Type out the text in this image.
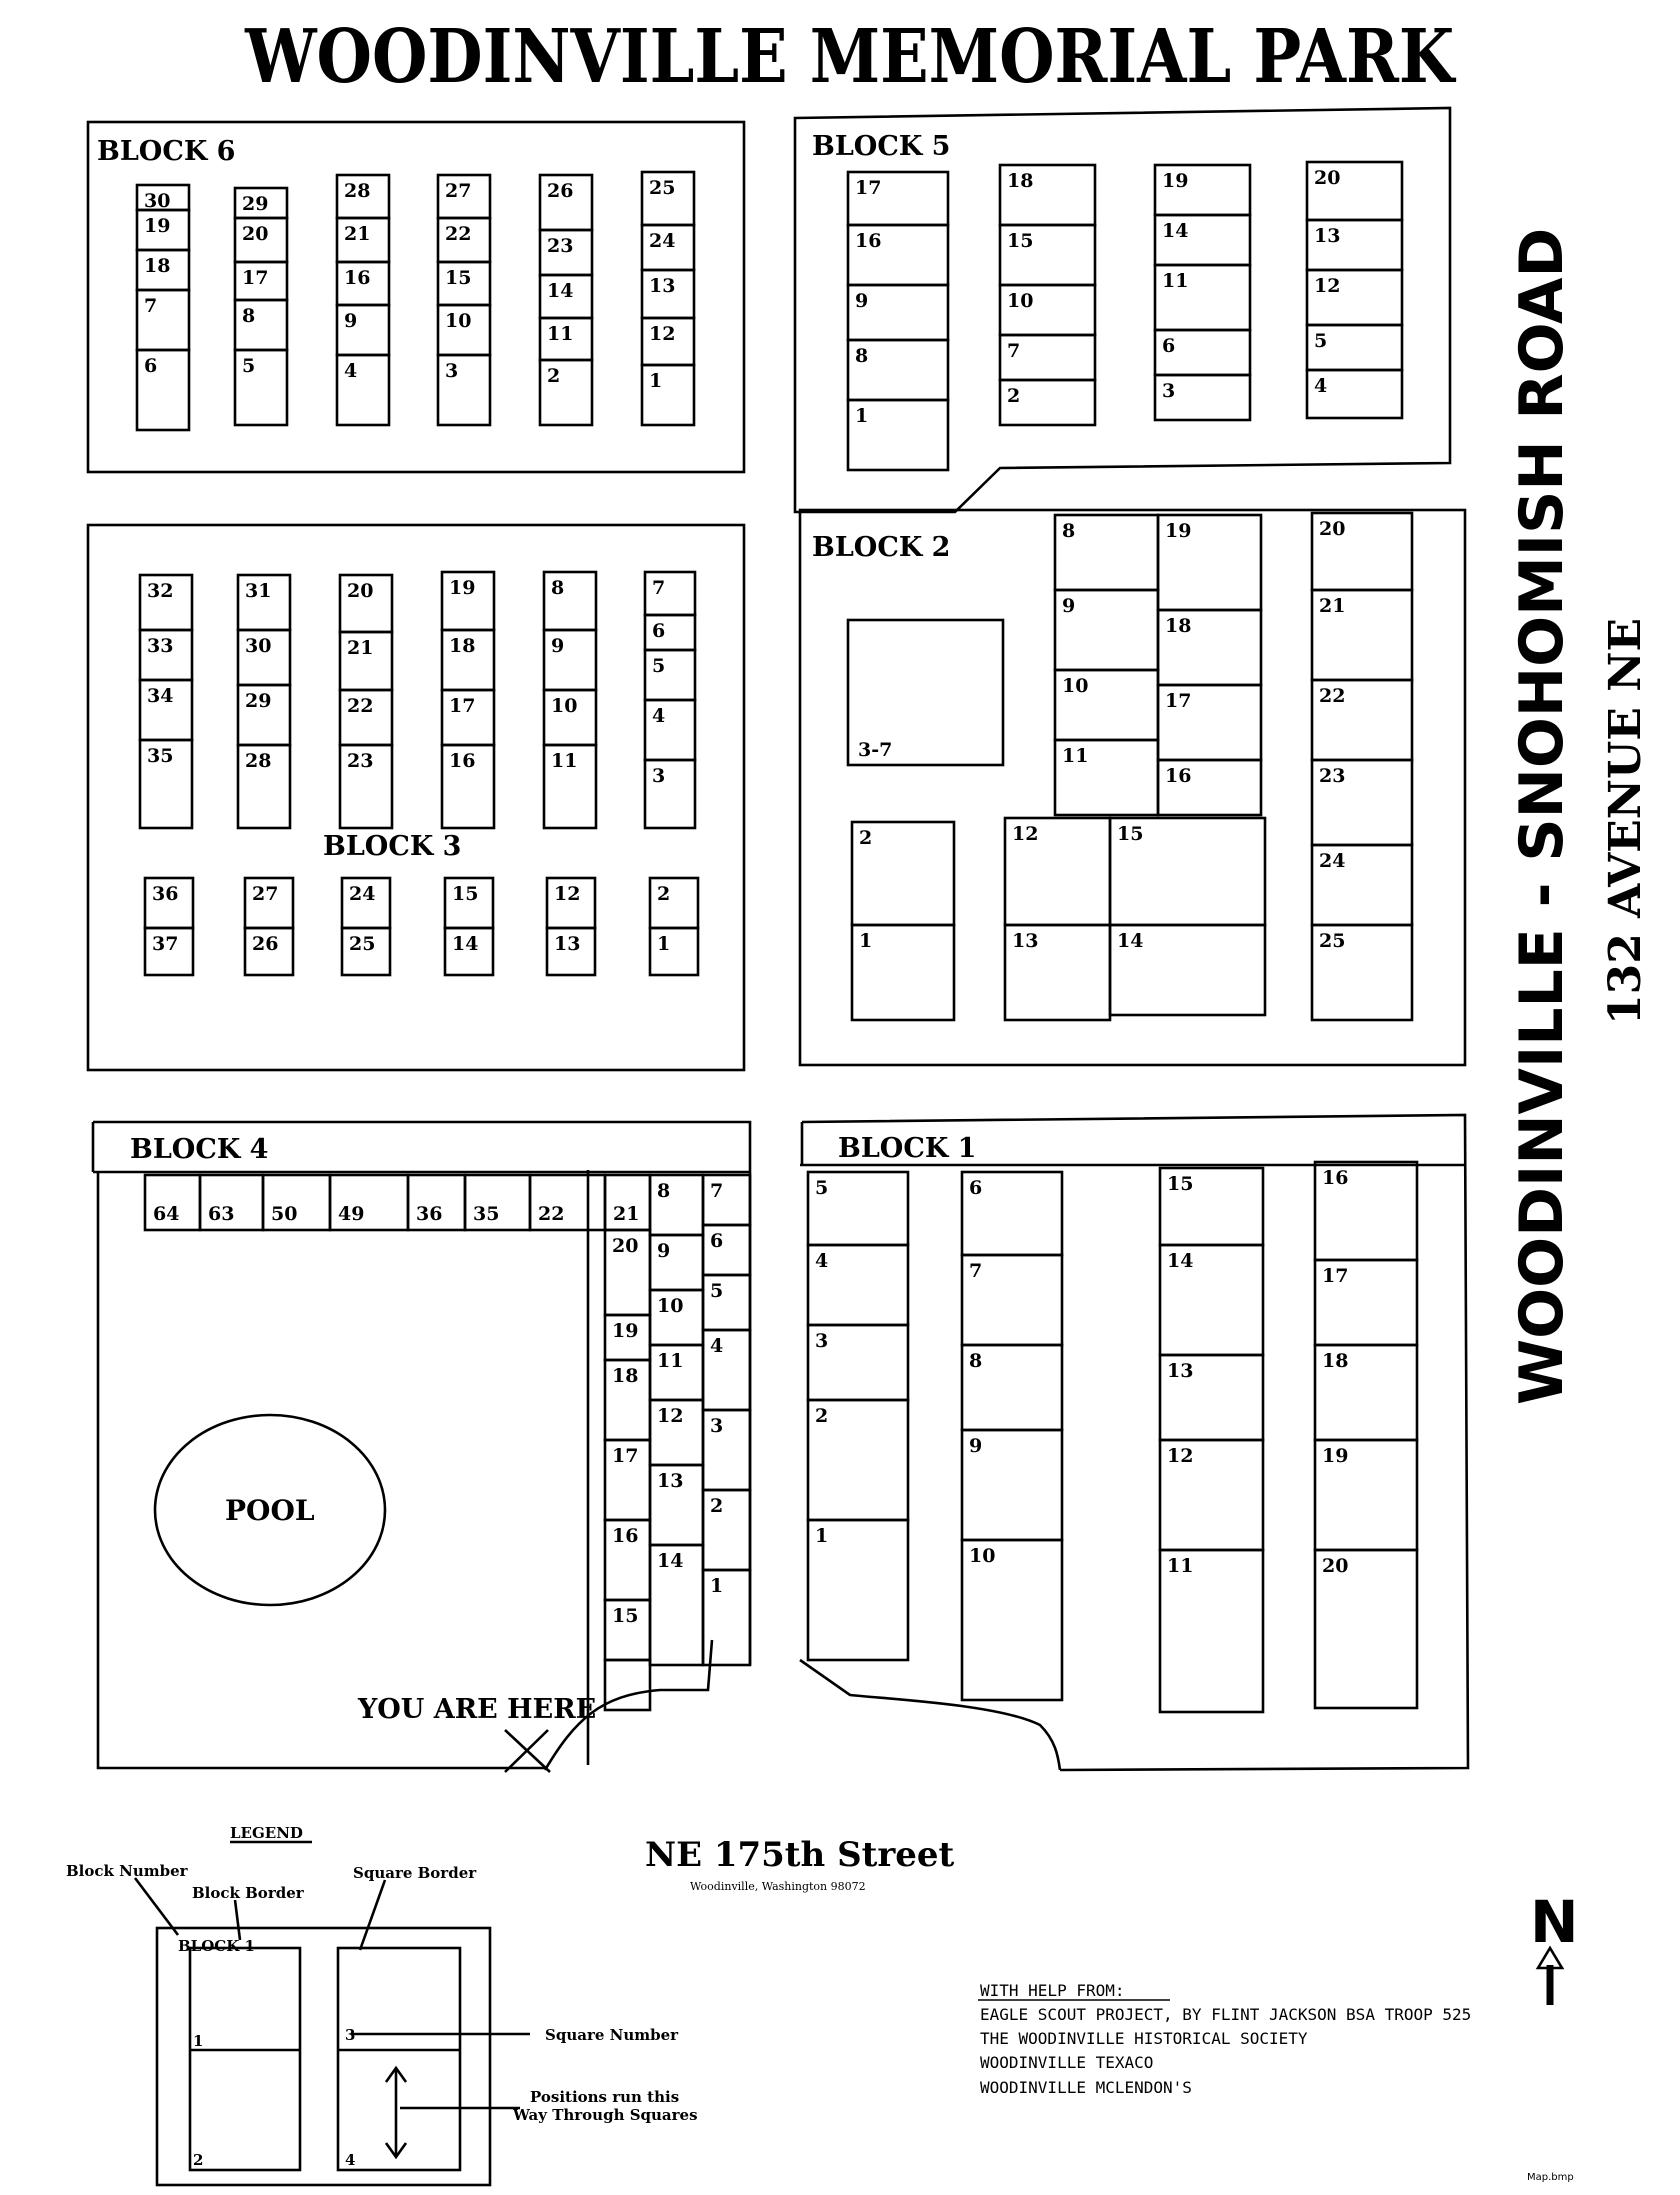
30
19
18
7
6
29
20
17
8
5
28
21
16
9
4
27
22
15
10
3
26
23
14
11
2
25
24
13
12
1
17
16
9
8
1
18
15
10
7
2
19
14
11
6
3
20
13
12
5
4
32
33
34
35
31
30
29
28
20
21
22
23
19
18
17
16
8
9
10
11
7
6
5
4
3
36
37
27
26
24
25
15
14
12
13
2
1
3-7
8
9
10
11
19
18
17
16
20
21
22
23
24
25
2
1
12
13
15
14
64 63 50 49	36 35 22	21
20
19
18
17
16
15
8
9
10
11
12
13
14
7
6
5
4
3
2
1
5
4
3
2
1
6
7
8
9
10
15
14
13
12
11
16
17
18
19
20
WOODINVILLE MEMORIAL PARK
BLOCK 6	BLOCK 5
BLOCK 3
BLOCK 2
BLOCK 4	BLOCK 1
POOL
YOU ARE HERE
NE 175th Street
Woodinville, Washington 98072
WOODINVILLE - SNOHOMISH ROAD 132 AVENUE NE
N
LEGEND
Block Number
Block Border
Square Border
BLOCK 1
Square Number
Positions run this
Way Through Squares
1
2
3
4
WITH HELP FROM:
EAGLE SCOUT PROJECT, BY FLINT JACKSON BSA TROOP 525
THE WOODINVILLE HISTORICAL SOCIETY
WOODINVILLE TEXACO
WOODINVILLE MCLENDON'S
Map.bmp
